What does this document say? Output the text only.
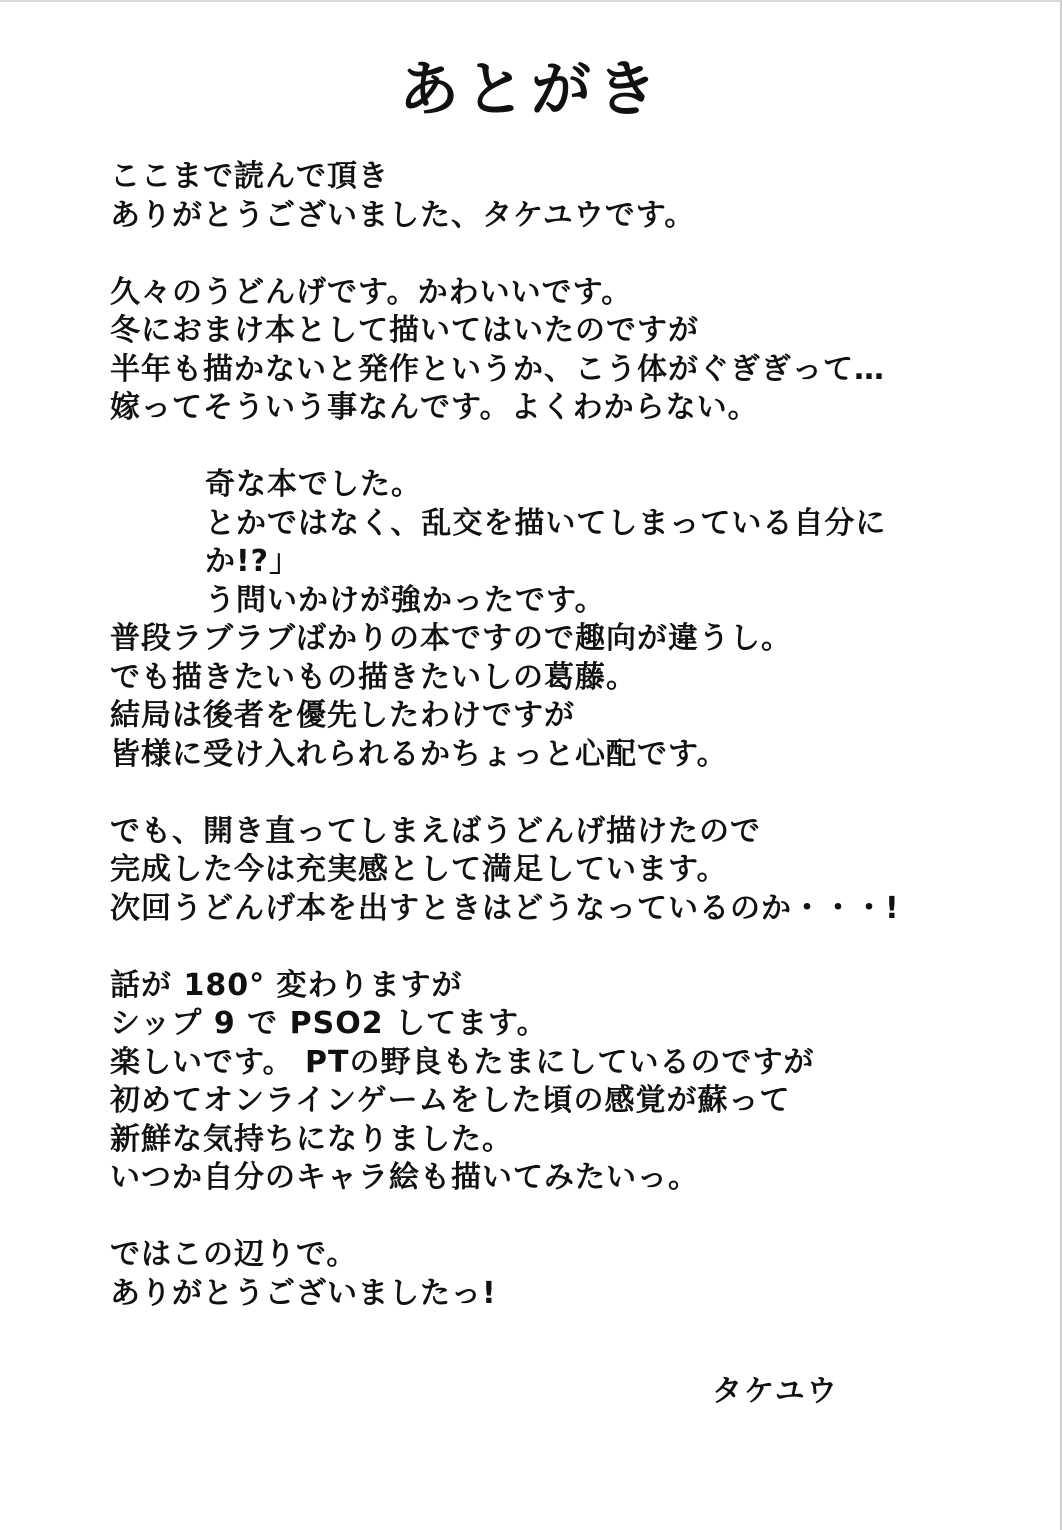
あとがき
ここまで読んで頂き
ありがとうございました、タケユウです。
久々のうどんげです。かわいいです。
冬におまけ本として描いてはいたのですが
半年も描かないと発作というか、こう体がぐぎぎって…
嫁ってそういう事なんです。よくわからない。
奇な本でした。
とかではなく、乱交を描いてしまっている自分に
か!?」
う問いかけが強かったです。
普段ラブラブばかりの本ですので趣向が違うし。
でも描きたいもの描きたいしの葛藤。
結局は後者を優先したわけですが
皆様に受け入れられるかちょっと心配です。
でも、開き直ってしまえばうどんげ描けたので
完成した今は充実感として満足しています。
次回うどんげ本を出すときはどうなっているのか・・・!
話が 180° 変わりますが
シップ 9 で PSO2 してます。
楽しいです。 PTの野良もたまにしているのですが
初めてオンラインゲームをした頃の感覚が蘇って
新鮮な気持ちになりました。
いつか自分のキャラ絵も描いてみたいっ。
ではこの辺りで。
ありがとうございましたっ!
タケユウ
